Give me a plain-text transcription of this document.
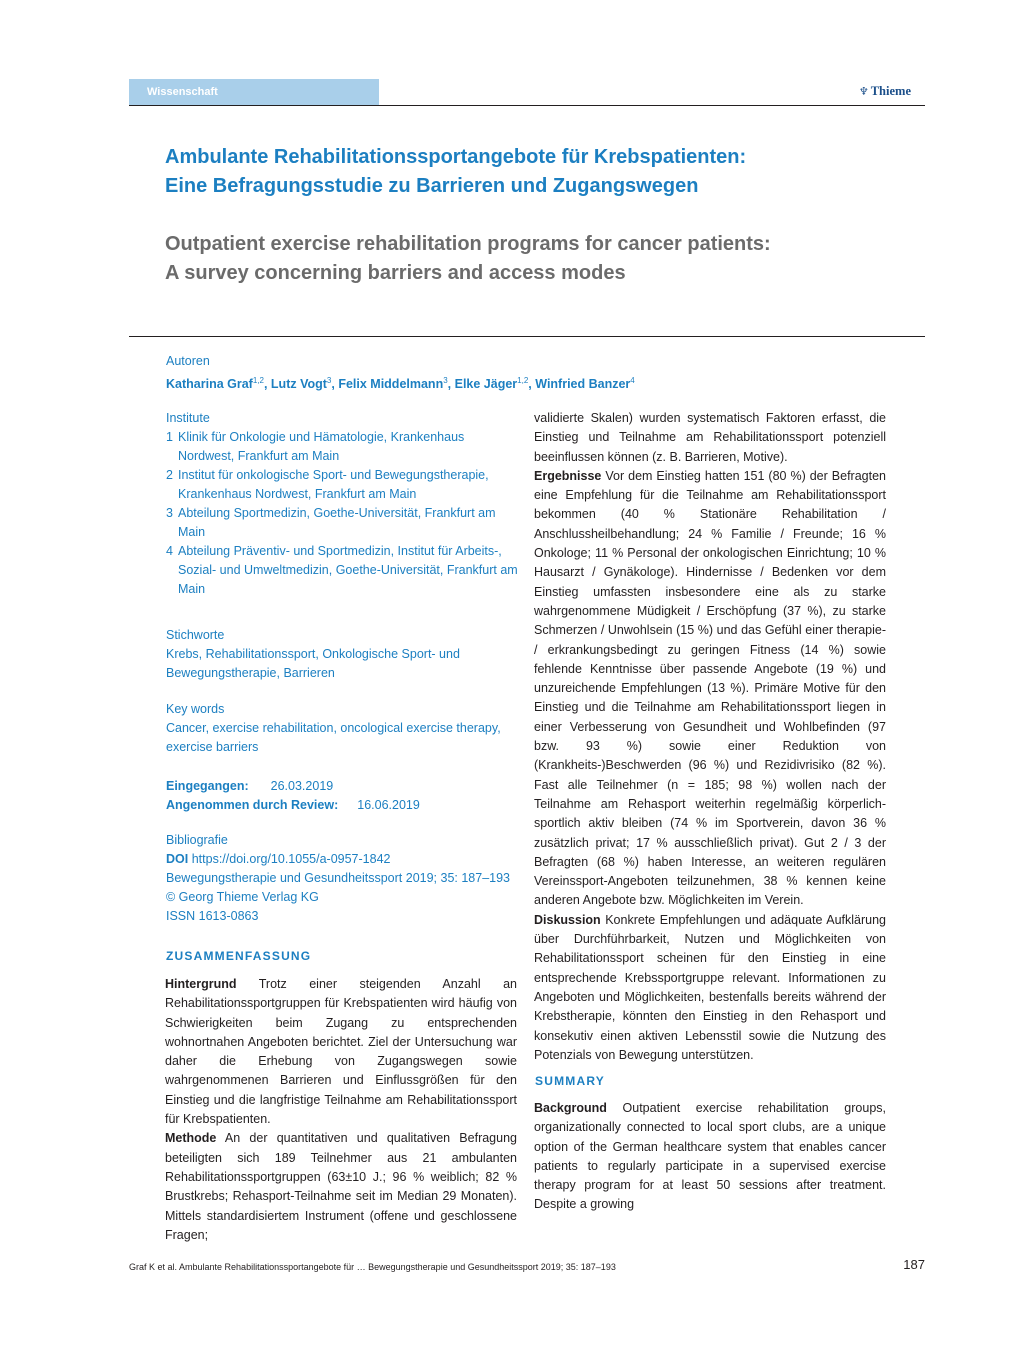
Wissenschaft	♆ Thieme
Ambulante Rehabilitationssportangebote für Krebspatienten:
Eine Befragungsstudie zu Barrieren und Zugangswegen
Outpatient exercise rehabilitation programs for cancer patients:
A survey concerning barriers and access modes
Autoren
Katharina Graf$^{1,2}$, Lutz Vogt$^3$, Felix Middelmann$^3$, Elke Jäger$^{1,2}$, Winfried Banzer$^4$
Institute
1 Klinik für Onkologie und Hämatologie, Krankenhaus Nordwest, Frankfurt am Main
2 Institut für onkologische Sport- und Bewegungstherapie, Krankenhaus Nordwest, Frankfurt am Main
3 Abteilung Sportmedizin, Goethe-Universität, Frankfurt am Main
4 Abteilung Präventiv- und Sportmedizin, Institut für Arbeits-, Sozial- und Umweltmedizin, Goethe-Universität, Frankfurt am Main
Stichworte
Krebs, Rehabilitationssport, Onkologische Sport- und Bewegungstherapie, Barrieren
Key words
Cancer, exercise rehabilitation, oncological exercise therapy, exercise barriers
Eingegangen: 26.03.2019
Angenommen durch Review: 16.06.2019
Bibliografie
DOI https://doi.org/10.1055/a-0957-1842
Bewegungstherapie und Gesundheitssport 2019; 35: 187–193
© Georg Thieme Verlag KG
ISSN 1613-0863
ZUSAMMENFASSUNG
Hintergrund Trotz einer steigenden Anzahl an Rehabilitationssportgruppen für Krebspatienten wird häufig von Schwierigkeiten beim Zugang zu entsprechenden wohnortnahen Angeboten berichtet. Ziel der Untersuchung war daher die Erhebung von Zugangswegen sowie wahrgenommenen Barrieren und Einflussgrößen für den Einstieg und die langfristige Teilnahme am Rehabilitationssport für Krebspatienten.
Methode An der quantitativen und qualitativen Befragung beteiligten sich 189 Teilnehmer aus 21 ambulanten Rehabilitationssportgruppen (63±10 J.; 96 % weiblich; 82 % Brustkrebs; Rehasport-Teilnahme seit im Median 29 Monaten). Mittels standardisiertem Instrument (offene und geschlossene Fragen;
validierte Skalen) wurden systematisch Faktoren erfasst, die Einstieg und Teilnahme am Rehabilitationssport potenziell beeinflussen können (z. B. Barrieren, Motive).
Ergebnisse Vor dem Einstieg hatten 151 (80 %) der Befragten eine Empfehlung für die Teilnahme am Rehabilitationssport bekommen (40 % Stationäre Rehabilitation / Anschlussheilbehandlung; 24 % Familie / Freunde; 16 % Onkologe; 11 % Personal der onkologischen Einrichtung; 10 % Hausarzt / Gynäkologe). Hindernisse / Bedenken vor dem Einstieg umfassten insbesondere eine als zu starke wahrgenommene Müdigkeit / Erschöpfung (37 %), zu starke Schmerzen / Unwohlsein (15 %) und das Gefühl einer therapie- / erkrankungsbedingt zu geringen Fitness (14 %) sowie fehlende Kenntnisse über passende Angebote (19 %) und unzureichende Empfehlungen (13 %). Primäre Motive für den Einstieg und die Teilnahme am Rehabilitationssport liegen in einer Verbesserung von Gesundheit und Wohlbefinden (97 bzw. 93 %) sowie einer Reduktion von (Krankheits-)Beschwerden (96 %) und Rezidivrisiko (82 %). Fast alle Teilnehmer (n = 185; 98 %) wollen nach der Teilnahme am Rehasport weiterhin regelmäßig körperlich-sportlich aktiv bleiben (74 % im Sportverein, davon 36 % zusätzlich privat; 17 % ausschließlich privat). Gut 2 / 3 der Befragten (68 %) haben Interesse, an weiteren regulären Vereinssport-Angeboten teilzunehmen, 38 % kennen keine anderen Angebote bzw. Möglichkeiten im Verein.
Diskussion Konkrete Empfehlungen und adäquate Aufklärung über Durchführbarkeit, Nutzen und Möglichkeiten von Rehabilitationssport scheinen für den Einstieg in eine entsprechende Krebssportgruppe relevant. Informationen zu Angeboten und Möglichkeiten, bestenfalls bereits während der Krebstherapie, könnten den Einstieg in den Rehasport und konsekutiv einen aktiven Lebensstil sowie die Nutzung des Potenzials von Bewegung unterstützen.
SUMMARY
Background Outpatient exercise rehabilitation groups, organizationally connected to local sport clubs, are a unique option of the German healthcare system that enables cancer patients to regularly participate in a supervised exercise therapy program for at least 50 sessions after treatment. Despite a growing
Graf K et al. Ambulante Rehabilitationssportangebote für … Bewegungstherapie und Gesundheitssport 2019; 35: 187–193	187
